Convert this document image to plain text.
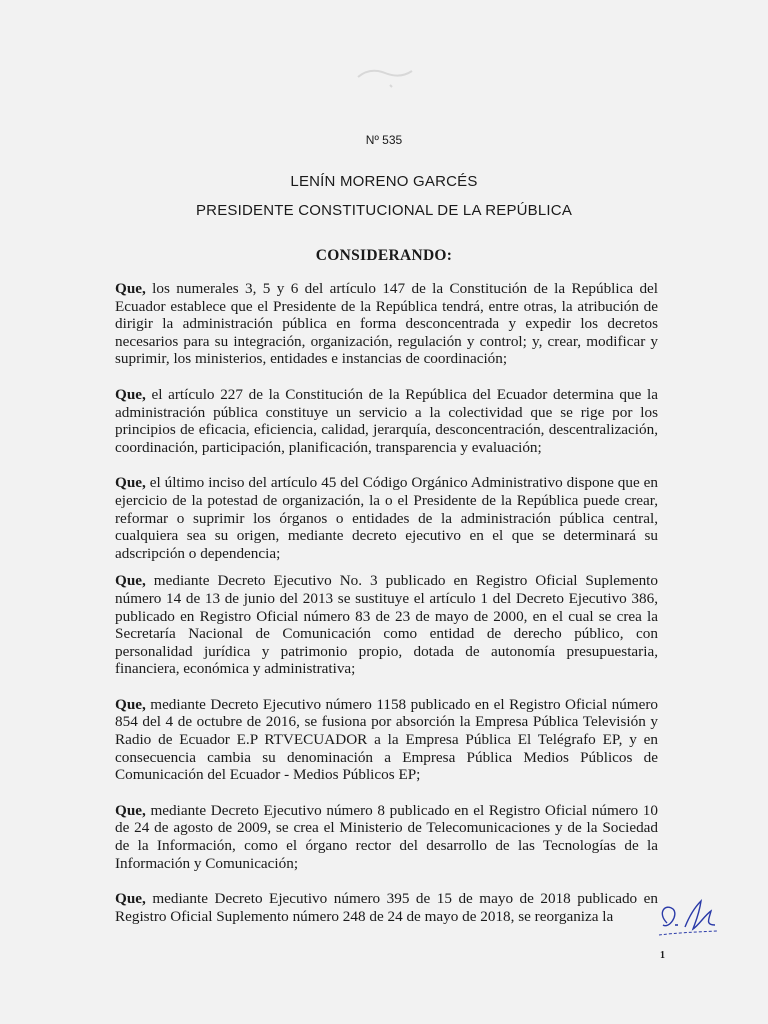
Nº 535
LENÍN MORENO GARCÉS
PRESIDENTE CONSTITUCIONAL DE LA REPÚBLICA
CONSIDERANDO:

Que, los numerales 3, 5 y 6 del artículo 147 de la Constitución de la República del Ecuador establece que el Presidente de la República tendrá, entre otras, la atribución de dirigir la administración pública en forma desconcentrada y expedir los decretos necesarios para su integración, organización, regulación y control; y, crear, modificar y suprimir, los ministerios, entidades e instancias de coordinación;

Que, el artículo 227 de la Constitución de la República del Ecuador determina que la administración pública constituye un servicio a la colectividad que se rige por los principios de eficacia, eficiencia, calidad, jerarquía, desconcentración, descentralización, coordinación, participación, planificación, transparencia y evaluación;

Que, el último inciso del artículo 45 del Código Orgánico Administrativo dispone que en ejercicio de la potestad de organización, la o el Presidente de la República puede crear, reformar o suprimir los órganos o entidades de la administración pública central, cualquiera sea su origen, mediante decreto ejecutivo en el que se determinará su adscripción o dependencia;

Que, mediante Decreto Ejecutivo No. 3 publicado en Registro Oficial Suplemento número 14 de 13 de junio del 2013 se sustituye el artículo 1 del Decreto Ejecutivo 386, publicado en Registro Oficial número 83 de 23 de mayo de 2000, en el cual se crea la Secretaría Nacional de Comunicación como entidad de derecho público, con personalidad jurídica y patrimonio propio, dotada de autonomía presupuestaria, financiera, económica y administrativa;

Que, mediante Decreto Ejecutivo número 1158 publicado en el Registro Oficial número 854 del 4 de octubre de 2016, se fusiona por absorción la Empresa Pública Televisión y Radio de Ecuador E.P RTVECUADOR a la Empresa Pública El Telégrafo EP, y en consecuencia cambia su denominación a Empresa Pública Medios Públicos de Comunicación del Ecuador - Medios Públicos EP;

Que, mediante Decreto Ejecutivo número 8 publicado en el Registro Oficial número 10 de 24 de agosto de 2009, se crea el Ministerio de Telecomunicaciones y de la Sociedad de la Información, como el órgano rector del desarrollo de las Tecnologías de la Información y Comunicación;

Que, mediante Decreto Ejecutivo número 395 de 15 de mayo de 2018 publicado en Registro Oficial Suplemento número 248 de 24 de mayo de 2018, se reorganiza la

1
